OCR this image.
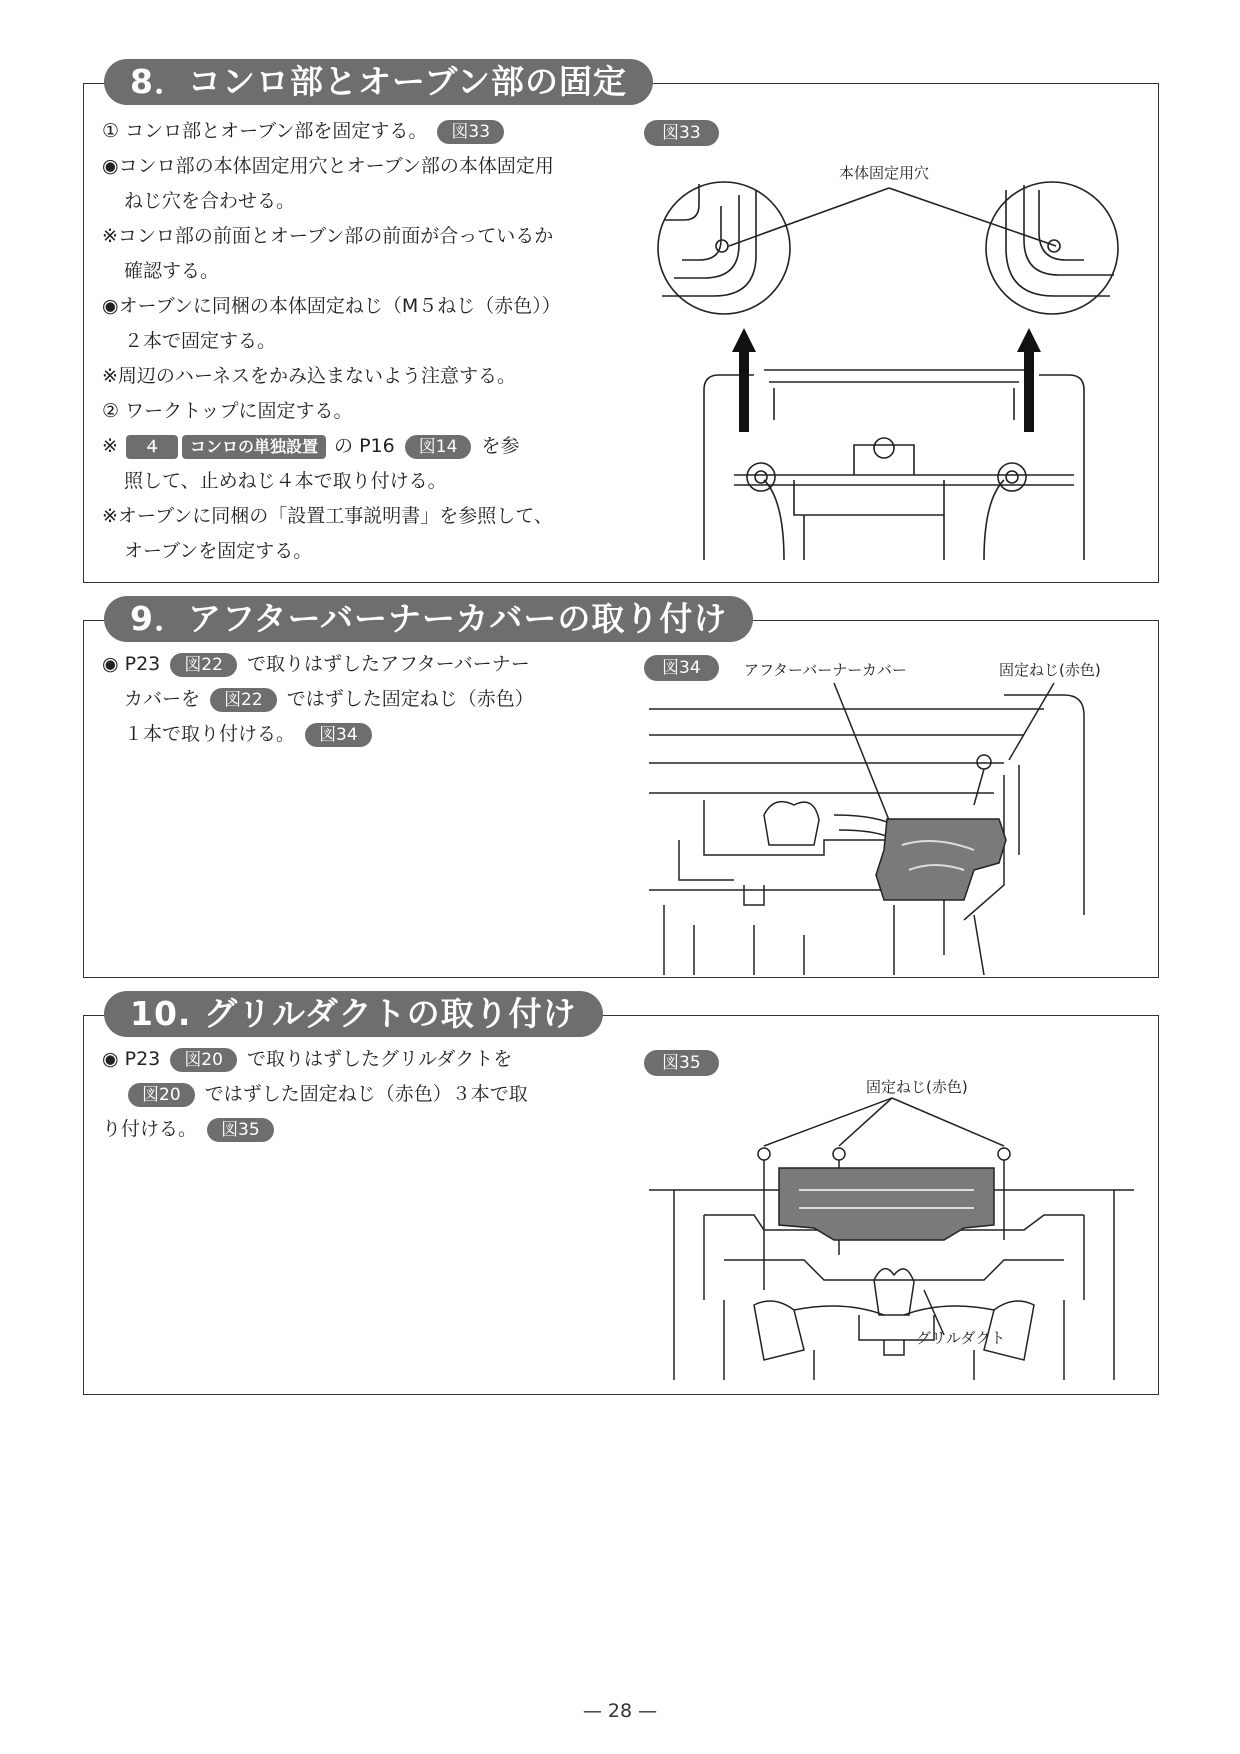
8．コンロ部とオーブン部の固定
① コンロ部とオーブン部を固定する。 図33
◉コンロ部の本体固定用穴とオーブン部の本体固定用
ねじ穴を合わせる。
※コンロ部の前面とオーブン部の前面が合っているか
確認する。
◉オーブンに同梱の本体固定ねじ（M５ねじ（赤色））
２本で固定する。
※周辺のハーネスをかみ込まないよう注意する。
② ワークトップに固定する。
※ ４ コンロの単独設置 の P16 図14 を参
照して、止めねじ４本で取り付ける。
※オーブンに同梱の「設置工事説明書」を参照して、
オーブンを固定する。
図33
本体固定用穴
9．アフターバーナーカバーの取り付け
◉ P23 図22 で取りはずしたアフターバーナー
カバーを 図22 ではずした固定ねじ（赤色）
１本で取り付ける。 図34
図34	アフターバーナーカバー	固定ねじ(赤色)
10. グリルダクトの取り付け
◉ P23 図20 で取りはずしたグリルダクトを
図20 ではずした固定ねじ（赤色）３本で取
り付ける。 図35
図35
固定ねじ(赤色)
グリルダクト
— 28 —
